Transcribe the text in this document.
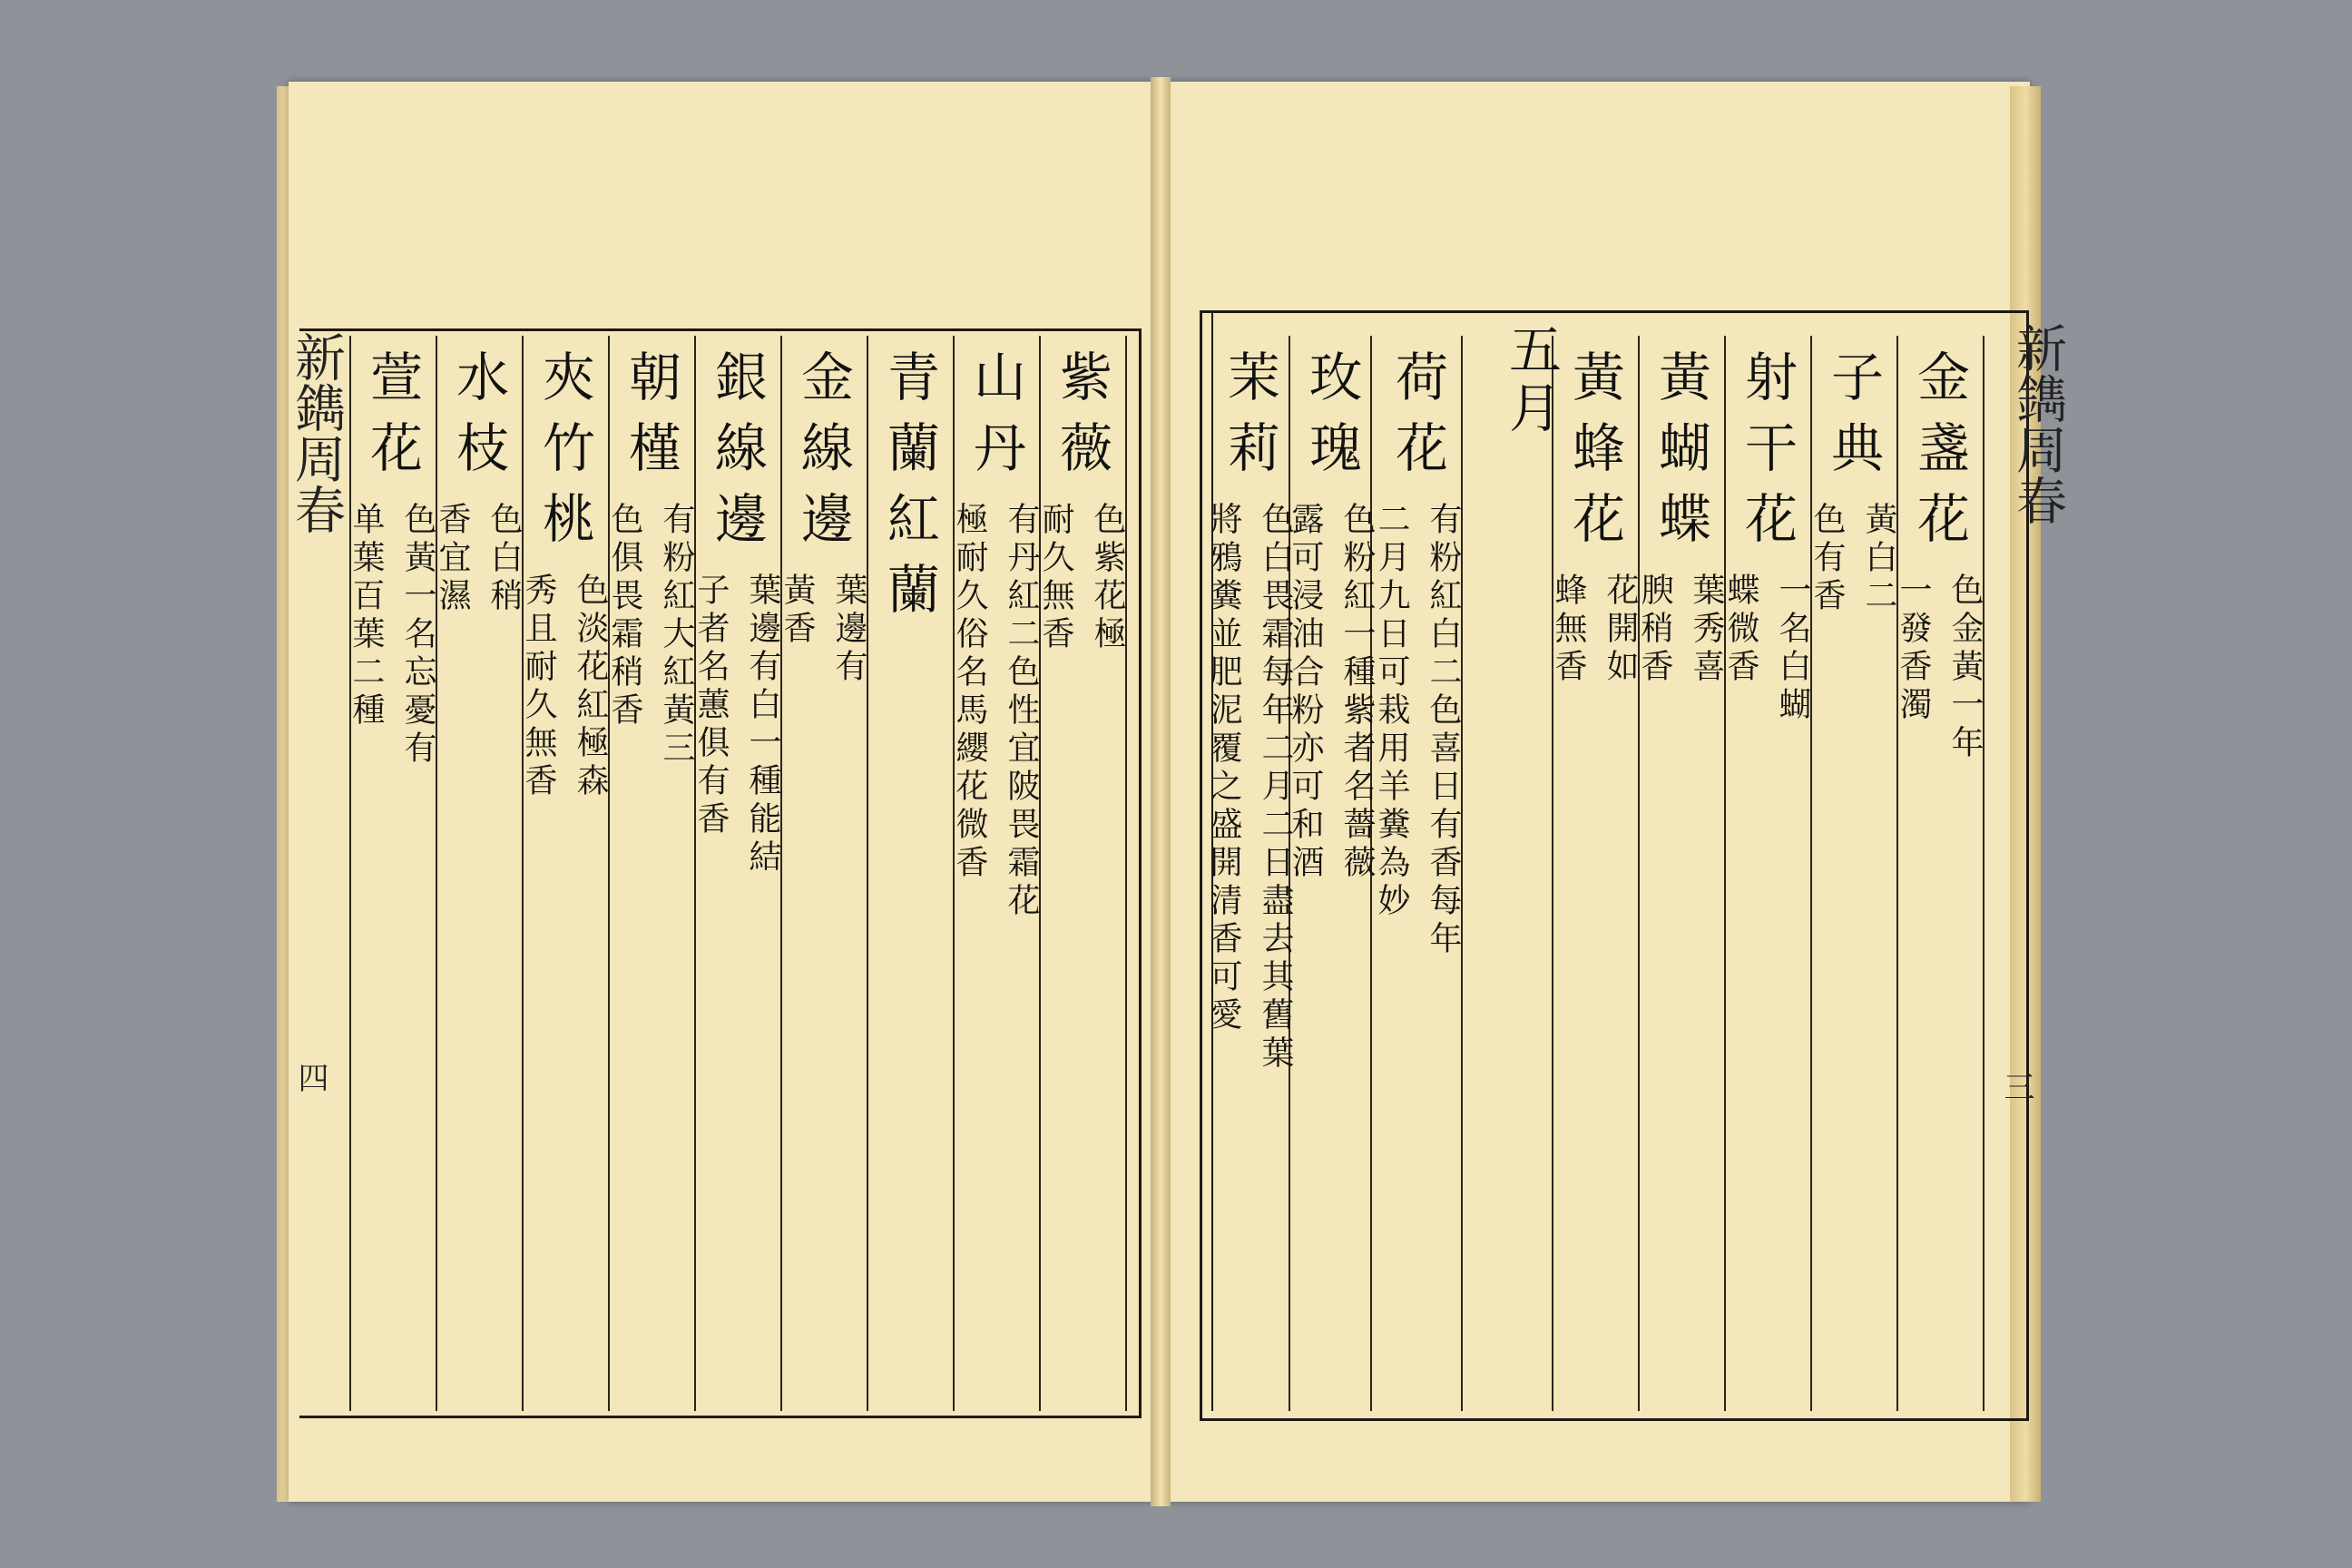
新鐫周春	新鐫周春
四	三
五月
紫薇
色紫花極
耐久無香
山丹
有丹紅二色性宜陂畏霜花
極耐久俗名馬纓花微香
青蘭紅蘭
金線邊
葉邊有
黃香
銀線邊
葉邊有白一種能結
子者名蕙俱有香
朝槿
有粉紅大紅黃三
色俱畏霜稍香
夾竹桃
色淡花紅極森
秀且耐久無香
水枝
色白稍
香宜濕
萱花
色黃一名忘憂有
单葉百葉二種
金盞花
色金黃一年
一發香濁
子典
黃白二
色有香
射干花
一名白蝴
蝶微香
黃蝴蝶
葉秀喜
腴稍香
黃蜂花
花開如
蜂無香
荷花
有粉紅白二色喜日有香每年
二月九日可栽用羊糞為妙
玫瑰
色粉紅一種紫者名薔薇
露可浸油合粉亦可和酒
茉莉
色白畏霜每年二月二日盡去其舊葉
將鴉糞並肥泥覆之盛開清香可愛
